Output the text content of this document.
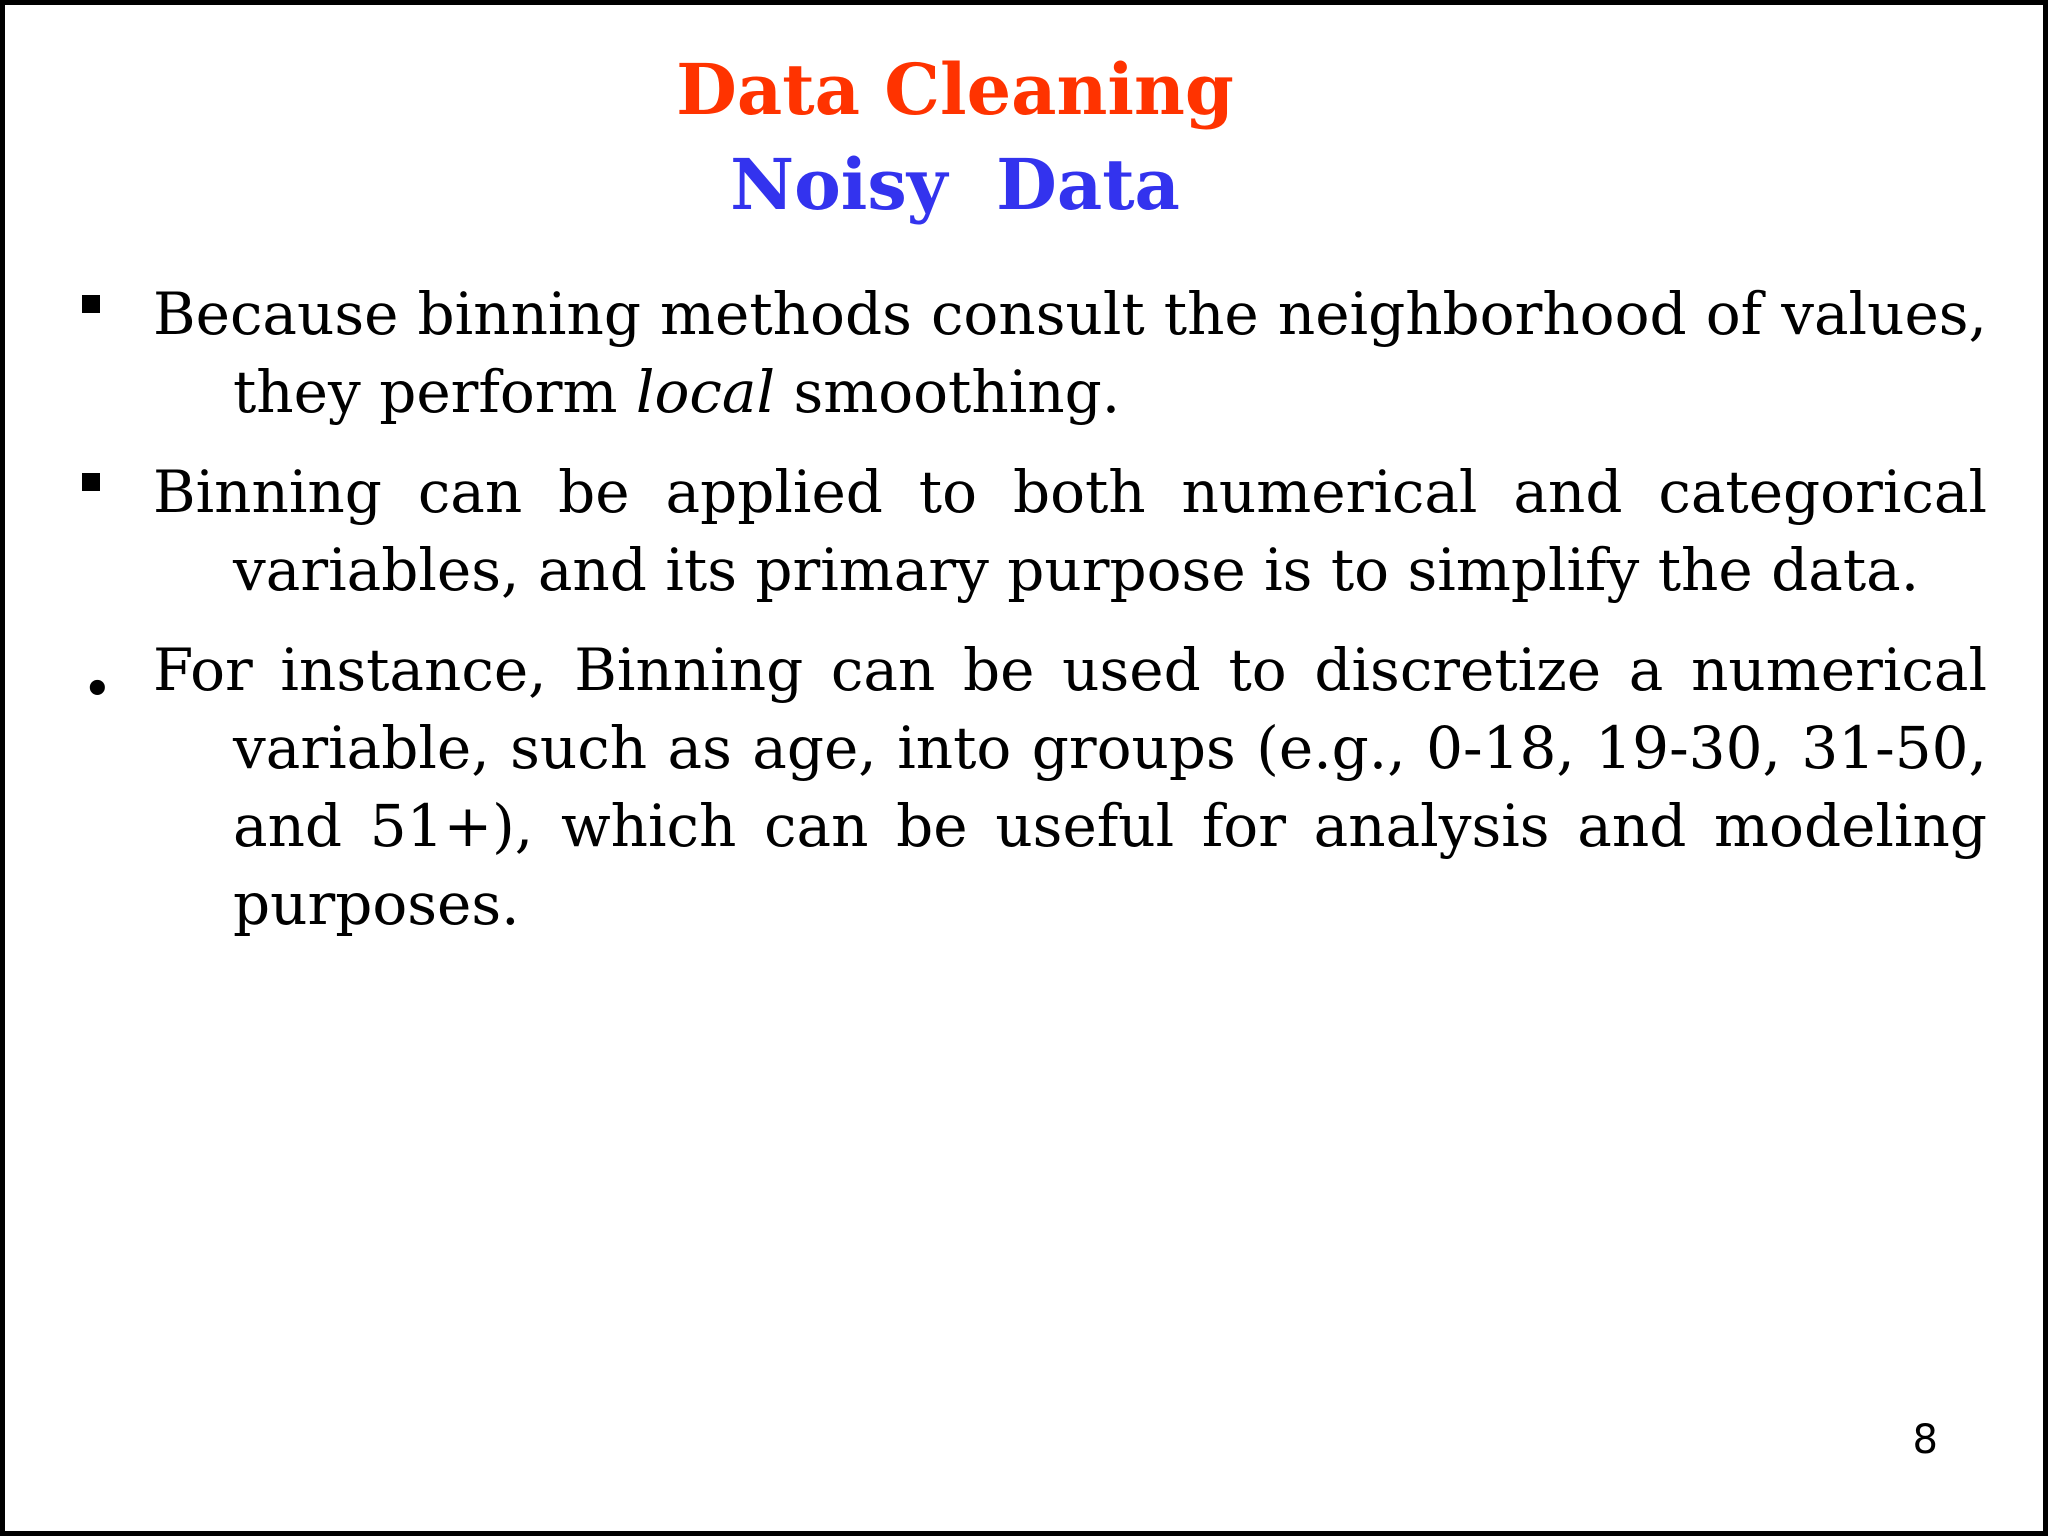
Data Cleaning
Noisy  Data
Because binning methods consult the neighborhood of values, they perform local smoothing.
Binning can be applied to both numerical and categorical variables, and its primary purpose is to simplify the data.
• For instance, Binning can be used to discretize a numerical variable, such as age, into groups (e.g., 0-18, 19-30, 31-50, and 51+), which can be useful for analysis and modeling purposes.
8
